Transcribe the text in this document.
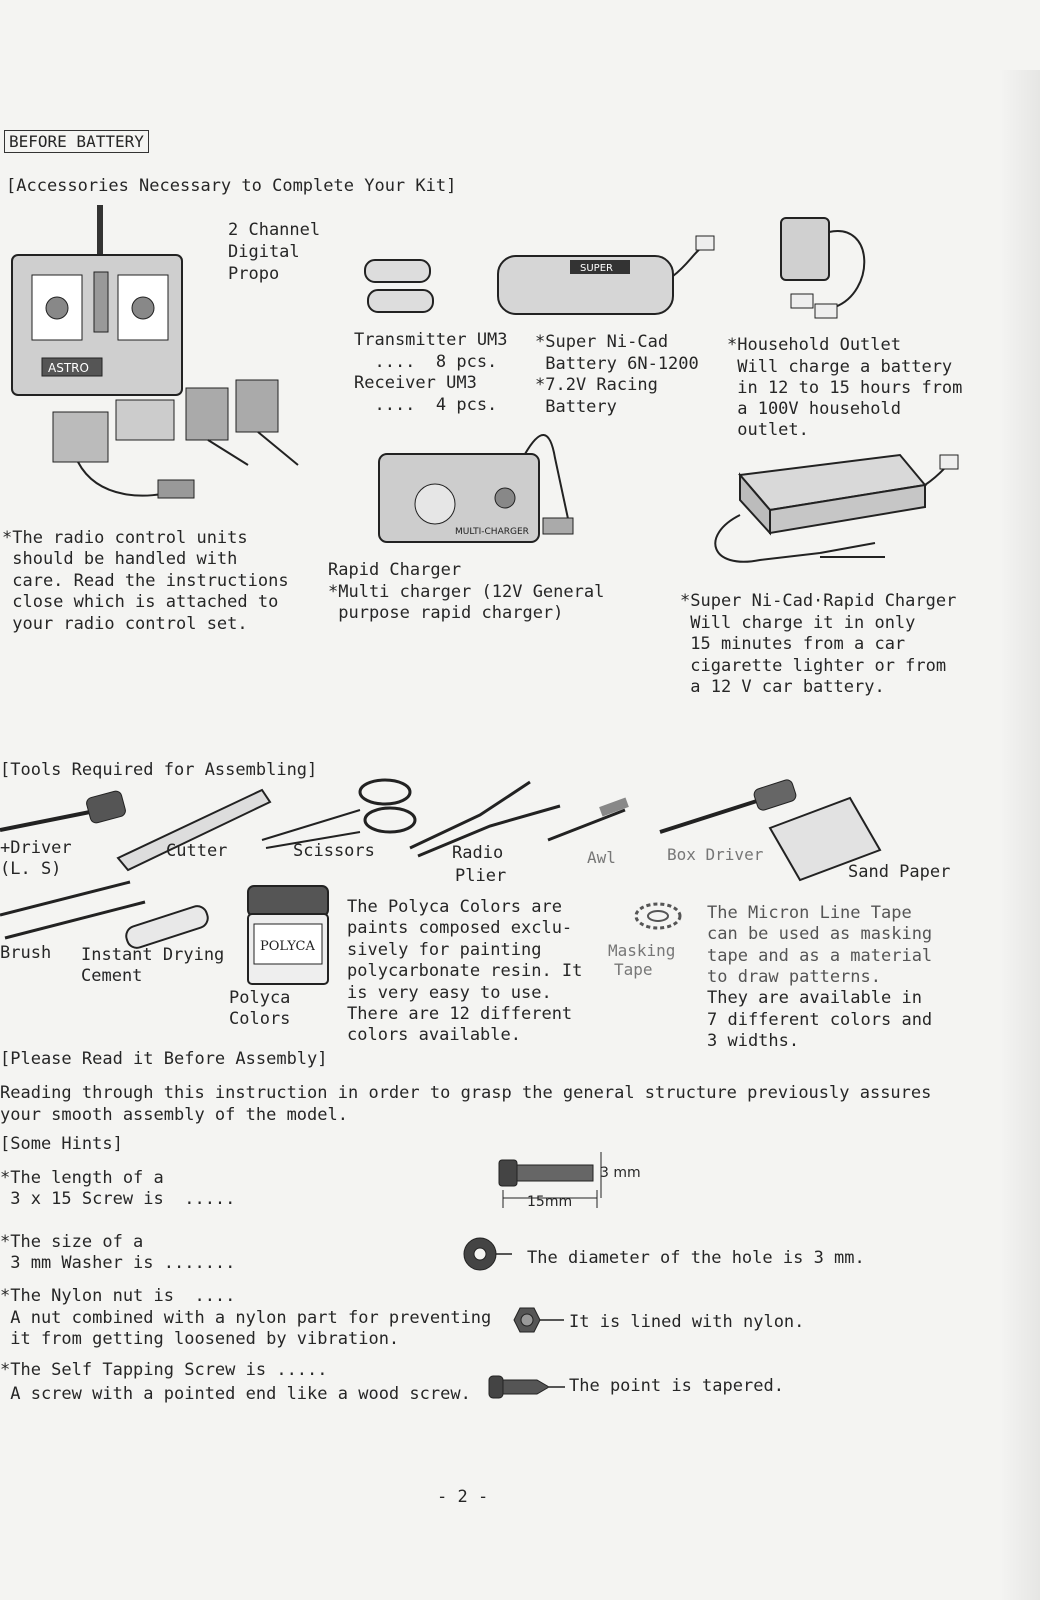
BEFORE BATTERY
[Accessories Necessary to Complete Your Kit]
ASTRO
2 Channel
Digital
Propo	SUPER
Transmitter UM3
....  8 pcs.
Receiver UM3
....  4 pcs.
*Super Ni-Cad
Battery 6N-1200
*7.2V Racing
Battery
*Household Outlet
Will charge a battery
in 12 to 15 hours from
a 100V household
outlet.
MULTI-CHARGER
*The radio control units
should be handled with
care. Read the instructions
close which is attached to
your radio control set.
Rapid Charger
*Multi charger (12V General
purpose rapid charger)
*Super Ni-Cad·Rapid Charger
Will charge it in only
15 minutes from a car
cigarette lighter or from
a 12 V car battery.
[Tools Required for Assembling]
+Driver
(L. S)
Cutter	Scissors	Radio
Plier
Awl	Box Driver
Sand Paper
POLYCA
Brush Instant Drying
Cement
Polyca
Colors
The Polyca Colors are
paints composed exclu-
sively for painting
polycarbonate resin. It
is very easy to use.
There are 12 different
colors available.
Masking
Tape
The Micron Line Tape
can be used as masking
tape and as a material
to draw patterns.
They are available in
7 different colors and
3 widths.
[Please Read it Before Assembly]
Reading through this instruction in order to grasp the general structure previously assures
your smooth assembly of the model.
[Some Hints]
*The length of a
3 x 15 Screw is  .....	15mm
3 mm
*The size of a
3 mm Washer is .......	The diameter of the hole is 3 mm.
*The Nylon nut is  ....
A nut combined with a nylon part for preventing
it from getting loosened by vibration.
It is lined with nylon.
*The Self Tapping Screw is .....
A screw with a pointed end like a wood screw.	The point is tapered.
- 2 -
